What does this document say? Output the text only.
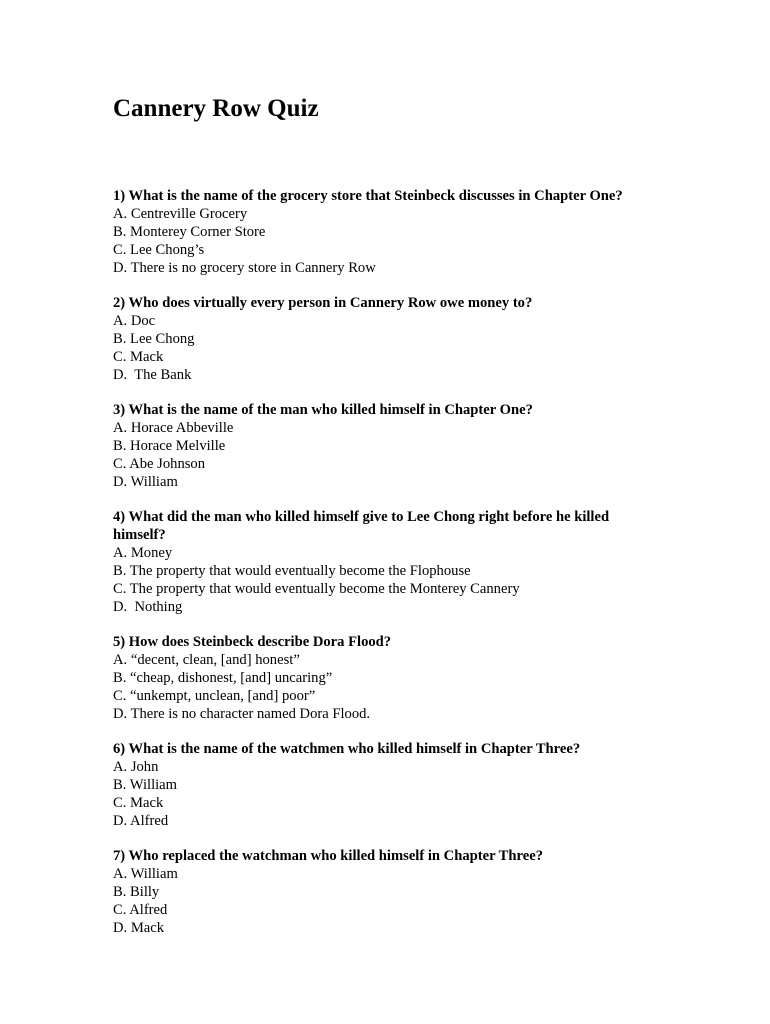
Cannery Row Quiz

1) What is the name of the grocery store that Steinbeck discusses in Chapter One?

A. Centreville Grocery

B. Monterey Corner Store

C. Lee Chong’s

D. There is no grocery store in Cannery Row

2) Who does virtually every person in Cannery Row owe money to?

A. Doc

B. Lee Chong

C. Mack

D.  The Bank

3) What is the name of the man who killed himself in Chapter One?

A. Horace Abbeville

B. Horace Melville

C. Abe Johnson

D. William

4) What did the man who killed himself give to Lee Chong right before he killed himself?

A. Money

B. The property that would eventually become the Flophouse

C. The property that would eventually become the Monterey Cannery

D.  Nothing

5) How does Steinbeck describe Dora Flood?

A. “decent, clean, [and] honest”

B. “cheap, dishonest, [and] uncaring”

C. “unkempt, unclean, [and] poor”

D. There is no character named Dora Flood.

6) What is the name of the watchmen who killed himself in Chapter Three?

A. John

B. William

C. Mack

D. Alfred

7) Who replaced the watchman who killed himself in Chapter Three?

A. William

B. Billy

C. Alfred

D. Mack
